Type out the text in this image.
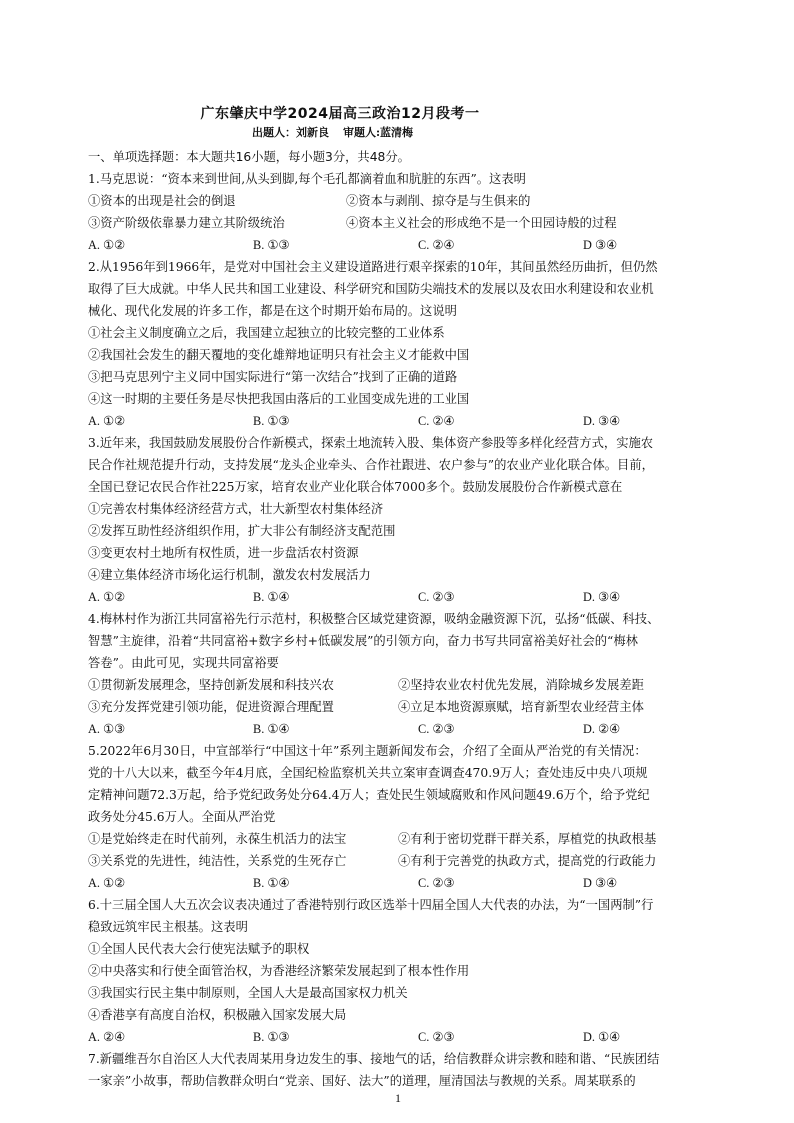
广东肇庆中学2024届高三政治12月段考一
出题人：刘新良 审题人:蓝清梅
一、单项选择题：本大题共16小题，每小题3分，共48分。
1.马克思说：“资本来到世间,从头到脚,每个毛孔都滴着血和肮脏的东西”。这表明
①资本的出现是社会的倒退	②资本与剥削、掠夺是与生俱来的
③资产阶级依靠暴力建立其阶级统治	④资本主义社会的形成绝不是一个田园诗般的过程
A. ①②	B. ①③	C. ②④	D ③④
2.从1956年到1966年，是党对中国社会主义建设道路进行艰辛探索的10年，其间虽然经历曲折，但仍然
取得了巨大成就。中华人民共和国工业建设、科学研究和国防尖端技术的发展以及农田水利建设和农业机
械化、现代化发展的许多工作，都是在这个时期开始布局的。这说明
①社会主义制度确立之后，我国建立起独立的比较完整的工业体系
②我国社会发生的翻天覆地的变化雄辩地证明只有社会主义才能救中国
③把马克思列宁主义同中国实际进行“第一次结合”找到了正确的道路
④这一时期的主要任务是尽快把我国由落后的工业国变成先进的工业国
A. ①②	B. ①③	C. ②④	D. ③④
3.近年来，我国鼓励发展股份合作新模式，探索土地流转入股、集体资产参股等多样化经营方式，实施农
民合作社规范提升行动，支持发展“龙头企业牵头、合作社跟进、农户参与”的农业产业化联合体。目前，
全国已登记农民合作社225万家，培育农业产业化联合体7000多个。鼓励发展股份合作新模式意在
①完善农村集体经济经营方式，壮大新型农村集体经济
②发挥互助性经济组织作用，扩大非公有制经济支配范围
③变更农村土地所有权性质，进一步盘活农村资源
④建立集体经济市场化运行机制，激发农村发展活力
A. ①②	B. ①④	C. ②③	D. ③④
4.梅林村作为浙江共同富裕先行示范村，积极整合区域党建资源，吸纳金融资源下沉，弘扬“低碳、科技、
智慧”主旋律，沿着“共同富裕+数字乡村+低碳发展”的引领方向，奋力书写共同富裕美好社会的“梅林
答卷”。由此可见，实现共同富裕要
①贯彻新发展理念，坚持创新发展和科技兴农	②坚持农业农村优先发展，消除城乡发展差距
③充分发挥党建引领功能，促进资源合理配置	④立足本地资源禀赋，培育新型农业经营主体
A. ①③	B. ①④	C. ②③	D. ②④
5.2022年6月30日，中宣部举行“中国这十年”系列主题新闻发布会，介绍了全面从严治党的有关情况：
党的十八大以来，截至今年4月底，全国纪检监察机关共立案审查调查470.9万人；查处违反中央八项规
定精神问题72.3万起，给予党纪政务处分64.4万人；查处民生领域腐败和作风问题49.6万个，给予党纪
政务处分45.6万人。全面从严治党
①是党始终走在时代前列，永葆生机活力的法宝	②有利于密切党群干群关系，厚植党的执政根基
③关系党的先进性，纯洁性，关系党的生死存亡	④有利于完善党的执政方式，提高党的行政能力
A. ①②	B. ①④	C. ②③	D ③④
6.十三届全国人大五次会议表决通过了香港特别行政区选举十四届全国人大代表的办法，为“一国两制”行
稳致远筑牢民主根基。这表明
①全国人民代表大会行使宪法赋予的职权
②中央落实和行使全面管治权，为香港经济繁荣发展起到了根本性作用
③我国实行民主集中制原则，全国人大是最高国家权力机关
④香港享有高度自治权，积极融入国家发展大局
A. ②④	B. ①③	C. ②③	D. ①④
7.新疆维吾尔自治区人大代表周某用身边发生的事、接地气的话，给信教群众讲宗教和睦和谐、“民族团结
一家亲”小故事，帮助信教群众明白“党亲、国好、法大”的道理，厘清国法与教规的关系。周某联系的
1
